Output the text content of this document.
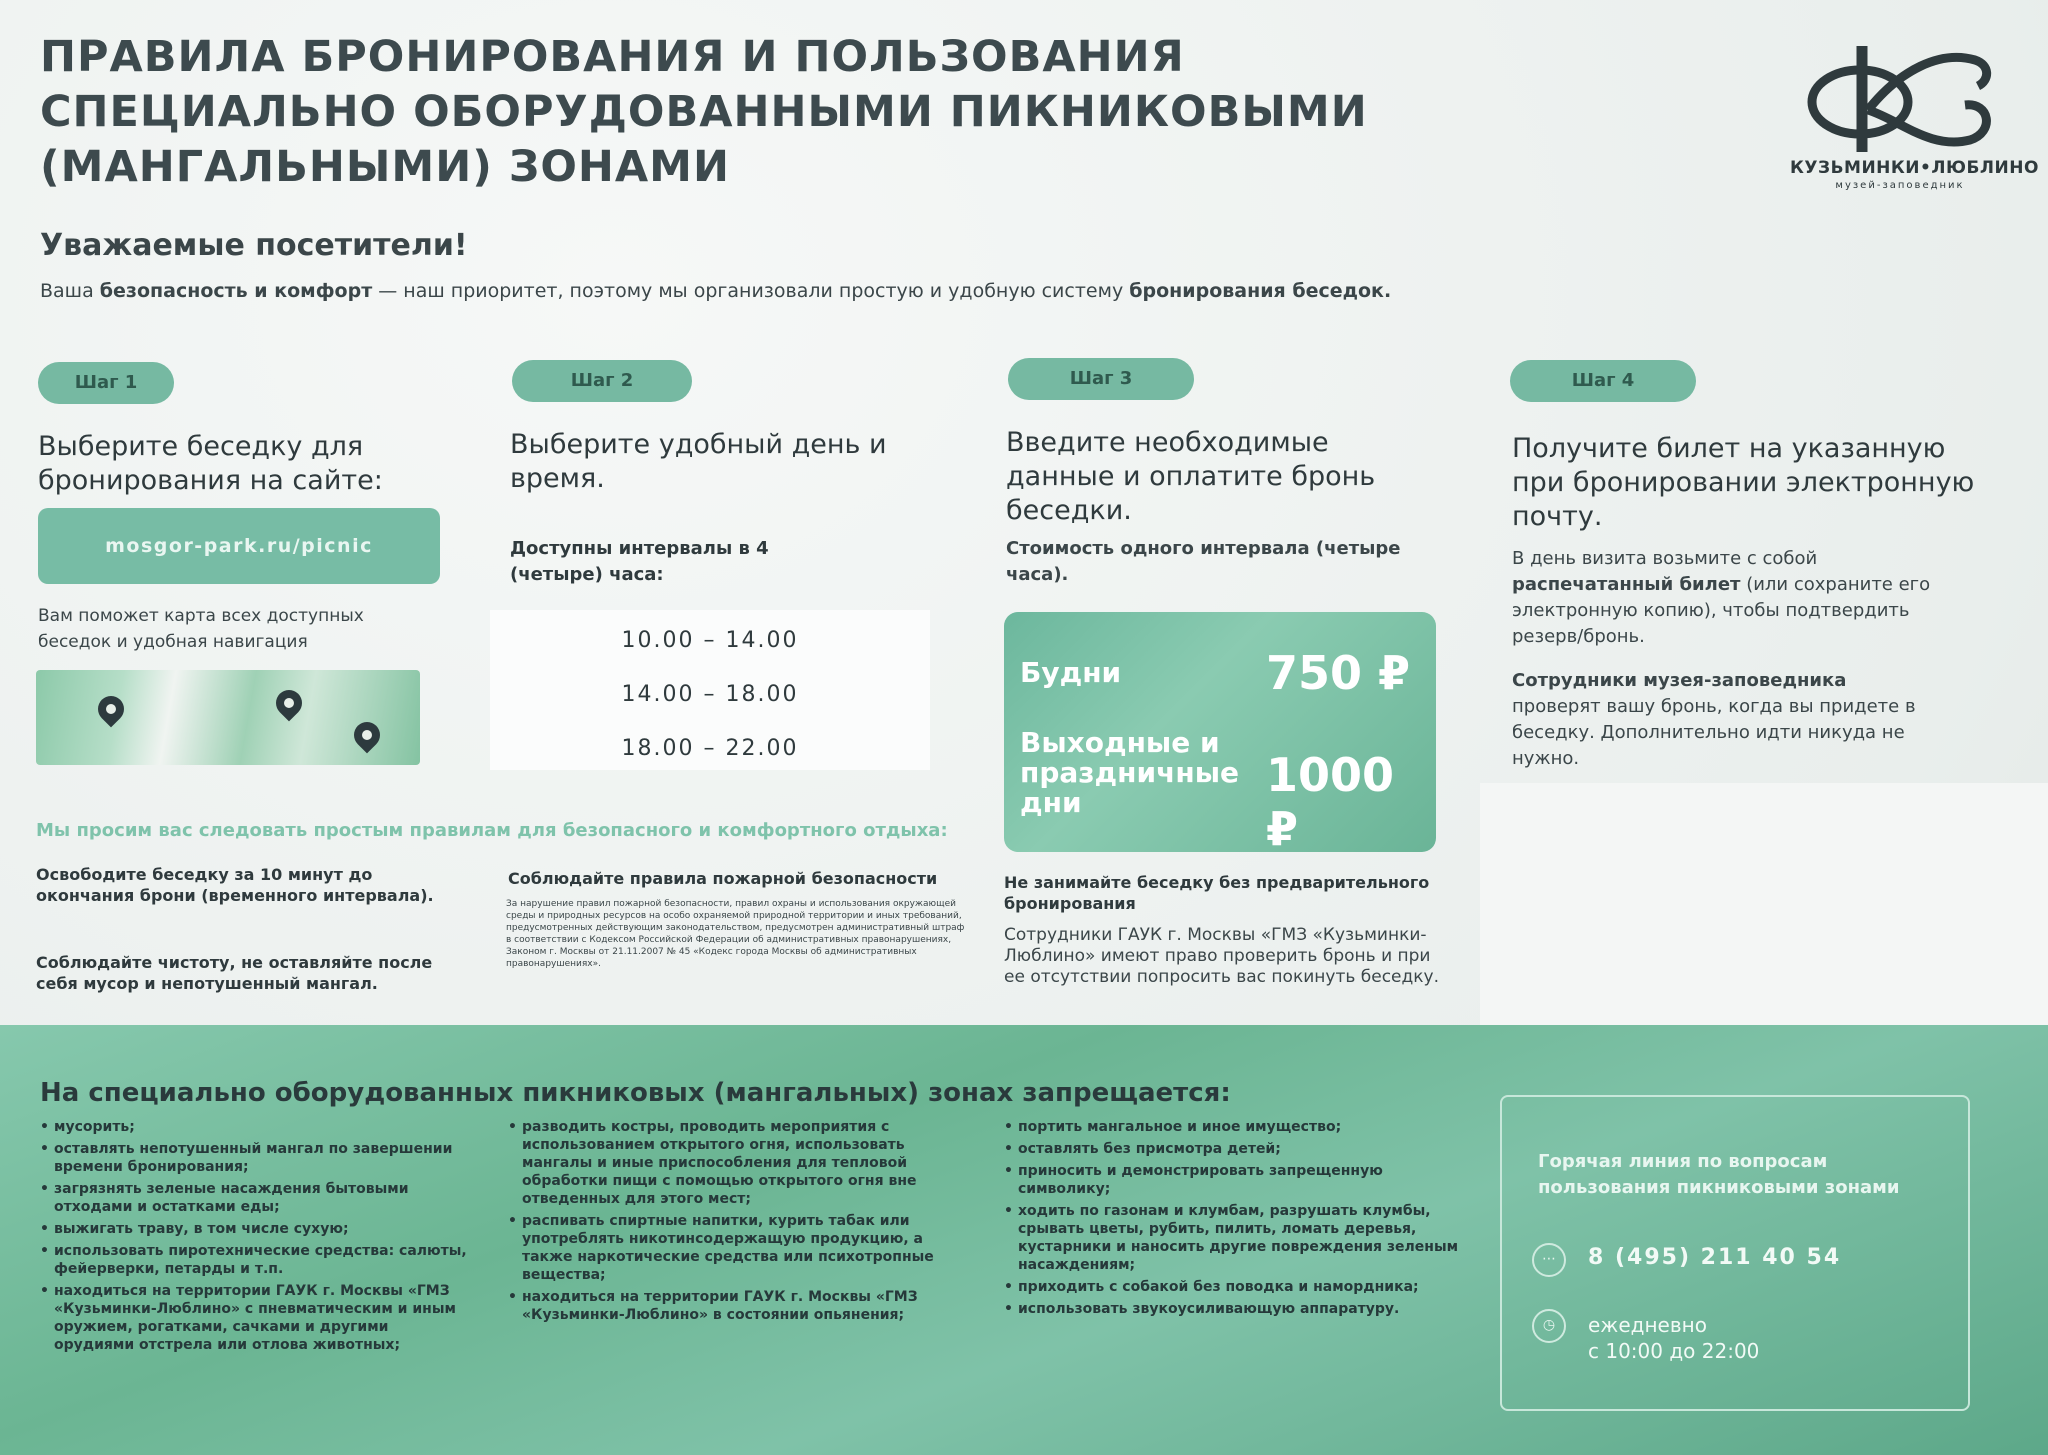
ПРАВИЛА БРОНИРОВАНИЯ И ПОЛЬЗОВАНИЯ
СПЕЦИАЛЬНО ОБОРУДОВАННЫМИ ПИКНИКОВЫМИ
(МАНГАЛЬНЫМИ) ЗОНАМИ	КУЗЬМИНКИ•ЛЮБЛИНО
музей-заповедник
Уважаемые посетители!
Ваша безопасность и комфорт — наш приоритет, поэтому мы организовали простую и удобную систему бронирования беседок.
Шаг 1
Выберите беседку для бронирования на сайте:
mosgor-park.ru/picnic
Вам поможет карта всех доступных беседок и удобная навигация
Шаг 2
Выберите удобный день и время.
Доступны интервалы в 4 (четыре) часа:
10.00 – 14.00
14.00 – 18.00
18.00 – 22.00
Шаг 3
Введите необходимые данные и оплатите бронь беседки.
Стоимость одного интервала (четыре часа).
Будни	750 ₽
Выходные и праздничные дни
1000 ₽
Шаг 4
Получите билет на указанную при бронировании электронную почту.
В день визита возьмите с собой распечатанный билет (или сохраните его электронную копию), чтобы подтвердить резерв/бронь.
Сотрудники музея-заповедника проверят вашу бронь, когда вы придете в беседку. Дополнительно идти никуда не нужно.
Мы просим вас следовать простым правилам для безопасного и комфортного отдыха:
Освободите беседку за 10 минут до окончания брони (временного интервала).
Соблюдайте чистоту, не оставляйте после себя мусор и непотушенный мангал.
Соблюдайте правила пожарной безопасности
За нарушение правил пожарной безопасности, правил охраны и использования окружающей среды и природных ресурсов на особо охраняемой природной территории и иных требований, предусмотренных действующим законодательством, предусмотрен административный штраф в соответствии с Кодексом Российской Федерации об административных правонарушениях, Законом г. Москвы от 21.11.2007 № 45 «Кодекс города Москвы об административных правонарушениях».
Не занимайте беседку без предварительного бронирования
Сотрудники ГАУК г. Москвы «ГМЗ «Кузьминки-Люблино» имеют право проверить бронь и при ее отсутствии попросить вас покинуть беседку.
На специально оборудованных пикниковых (мангальных) зонах запрещается:
• мусорить;
• оставлять непотушенный мангал по завершении времени бронирования;
• загрязнять зеленые насаждения бытовыми отходами и остатками еды;
• выжигать траву, в том числе сухую;
• использовать пиротехнические средства: салюты, фейерверки, петарды и т.п.
• находиться на территории ГАУК г. Москвы «ГМЗ «Кузьминки-Люблино» с пневматическим и иным оружием, рогатками, сачками и другими орудиями отстрела или отлова животных;
• разводить костры, проводить мероприятия с использованием открытого огня, использовать мангалы и иные приспособления для тепловой обработки пищи с помощью открытого огня вне отведенных для этого мест;
• распивать спиртные напитки, курить табак или употреблять никотинсодержащую продукцию, а также наркотические средства или психотропные вещества;
• находиться на территории ГАУК г. Москвы «ГМЗ «Кузьминки-Люблино» в состоянии опьянения;
• портить мангальное и иное имущество;
• оставлять без присмотра детей;
• приносить и демонстрировать запрещенную символику;
• ходить по газонам и клумбам, разрушать клумбы, срывать цветы, рубить, пилить, ломать деревья, кустарники и наносить другие повреждения зеленым насаждениям;
• приходить с собакой без поводка и намордника;
• использовать звукоусиливающую аппаратуру.
Горячая линия по вопросам пользования пикниковыми зонами
⋯	8 (495) 211 40 54
◷	ежедневно
с 10:00 до 22:00
